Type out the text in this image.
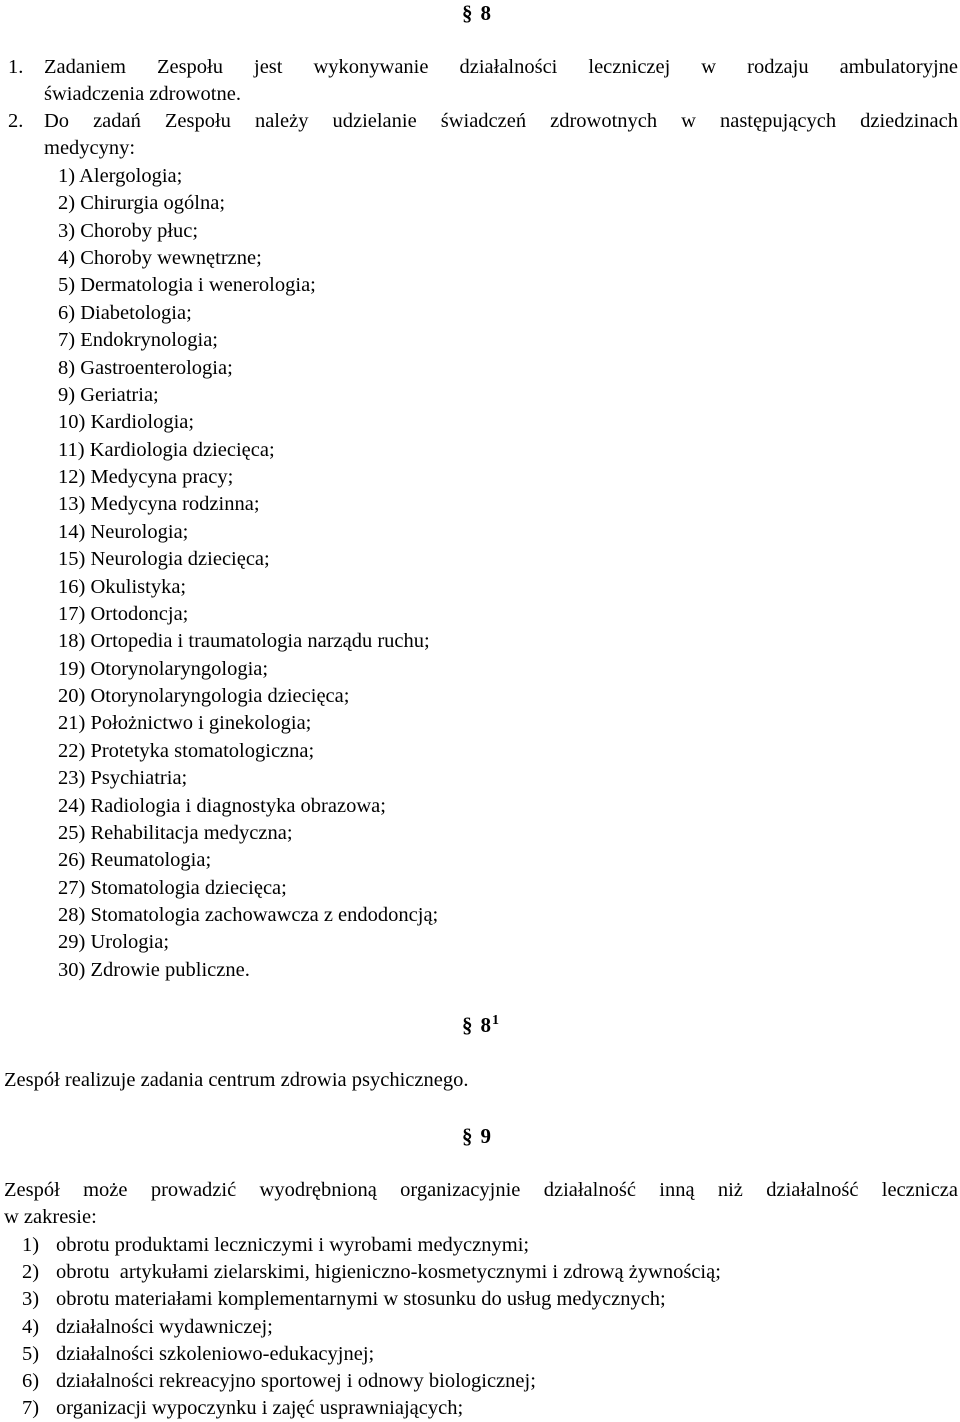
§ 8
1. Zadaniem Zespołu jest wykonywanie działalności leczniczej w rodzaju ambulatoryjne
świadczenia zdrowotne.
2. Do zadań Zespołu należy udzielanie świadczeń zdrowotnych w następujących dziedzinach
medycyny:
1) Alergologia;
2) Chirurgia ogólna;
3) Choroby płuc;
4) Choroby wewnętrzne;
5) Dermatologia i wenerologia;
6) Diabetologia;
7) Endokrynologia;
8) Gastroenterologia;
9) Geriatria;
10) Kardiologia;
11) Kardiologia dziecięca;
12) Medycyna pracy;
13) Medycyna rodzinna;
14) Neurologia;
15) Neurologia dziecięca;
16) Okulistyka;
17) Ortodoncja;
18) Ortopedia i traumatologia narządu ruchu;
19) Otorynolaryngologia;
20) Otorynolaryngologia dziecięca;
21) Położnictwo i ginekologia;
22) Protetyka stomatologiczna;
23) Psychiatria;
24) Radiologia i diagnostyka obrazowa;
25) Rehabilitacja medyczna;
26) Reumatologia;
27) Stomatologia dziecięca;
28) Stomatologia zachowawcza z endodoncją;
29) Urologia;
30) Zdrowie publiczne.
§ $8^1$
Zespół realizuje zadania centrum zdrowia psychicznego.
§ 9
Zespół może prowadzić wyodrębnioną organizacyjnie działalność inną niż działalność lecznicza
w zakresie:
1) obrotu produktami leczniczymi i wyrobami medycznymi;
2) obrotu  artykułami zielarskimi, higieniczno-kosmetycznymi i zdrową żywnością;
3) obrotu materiałami komplementarnymi w stosunku do usług medycznych;
4) działalności wydawniczej;
5) działalności szkoleniowo-edukacyjnej;
6) działalności rekreacyjno sportowej i odnowy biologicznej;
7) organizacji wypoczynku i zajęć usprawniających;
